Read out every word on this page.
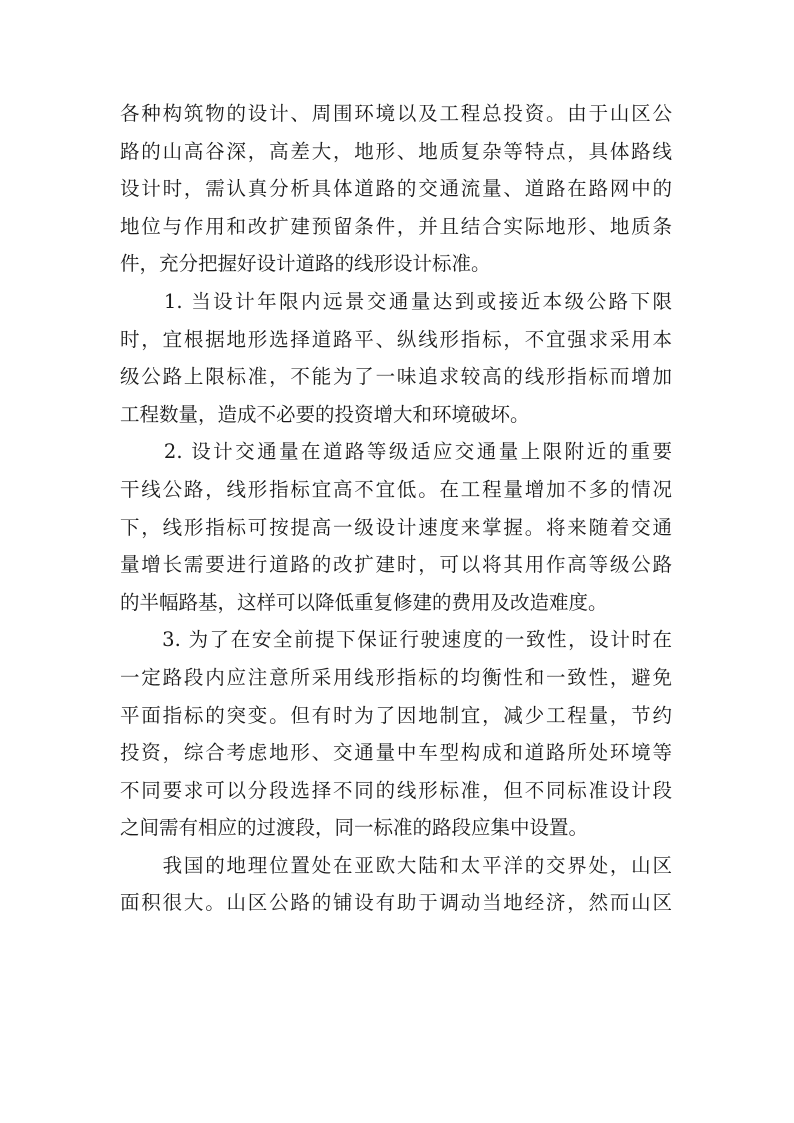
各种构筑物的设计、周围环境以及工程总投资。由于山区公
路的山高谷深，高差大，地形、地质复杂等特点，具体路线
设计时，需认真分析具体道路的交通流量、道路在路网中的
地位与作用和改扩建预留条件，并且结合实际地形、地质条
件，充分把握好设计道路的线形设计标准。
　　1. 当设计年限内远景交通量达到或接近本级公路下限
时，宜根据地形选择道路平、纵线形指标，不宜强求采用本
级公路上限标准，不能为了一味追求较高的线形指标而增加
工程数量，造成不必要的投资增大和环境破坏。
　　2. 设计交通量在道路等级适应交通量上限附近的重要
干线公路，线形指标宜高不宜低。在工程量增加不多的情况
下，线形指标可按提高一级设计速度来掌握。将来随着交通
量增长需要进行道路的改扩建时，可以将其用作高等级公路
的半幅路基，这样可以降低重复修建的费用及改造难度。
　　3. 为了在安全前提下保证行驶速度的一致性，设计时在
一定路段内应注意所采用线形指标的均衡性和一致性，避免
平面指标的突变。但有时为了因地制宜，减少工程量，节约
投资，综合考虑地形、交通量中车型构成和道路所处环境等
不同要求可以分段选择不同的线形标准，但不同标准设计段
之间需有相应的过渡段，同一标准的路段应集中设置。
　　我国的地理位置处在亚欧大陆和太平洋的交界处，山区
面积很大。山区公路的铺设有助于调动当地经济，然而山区
